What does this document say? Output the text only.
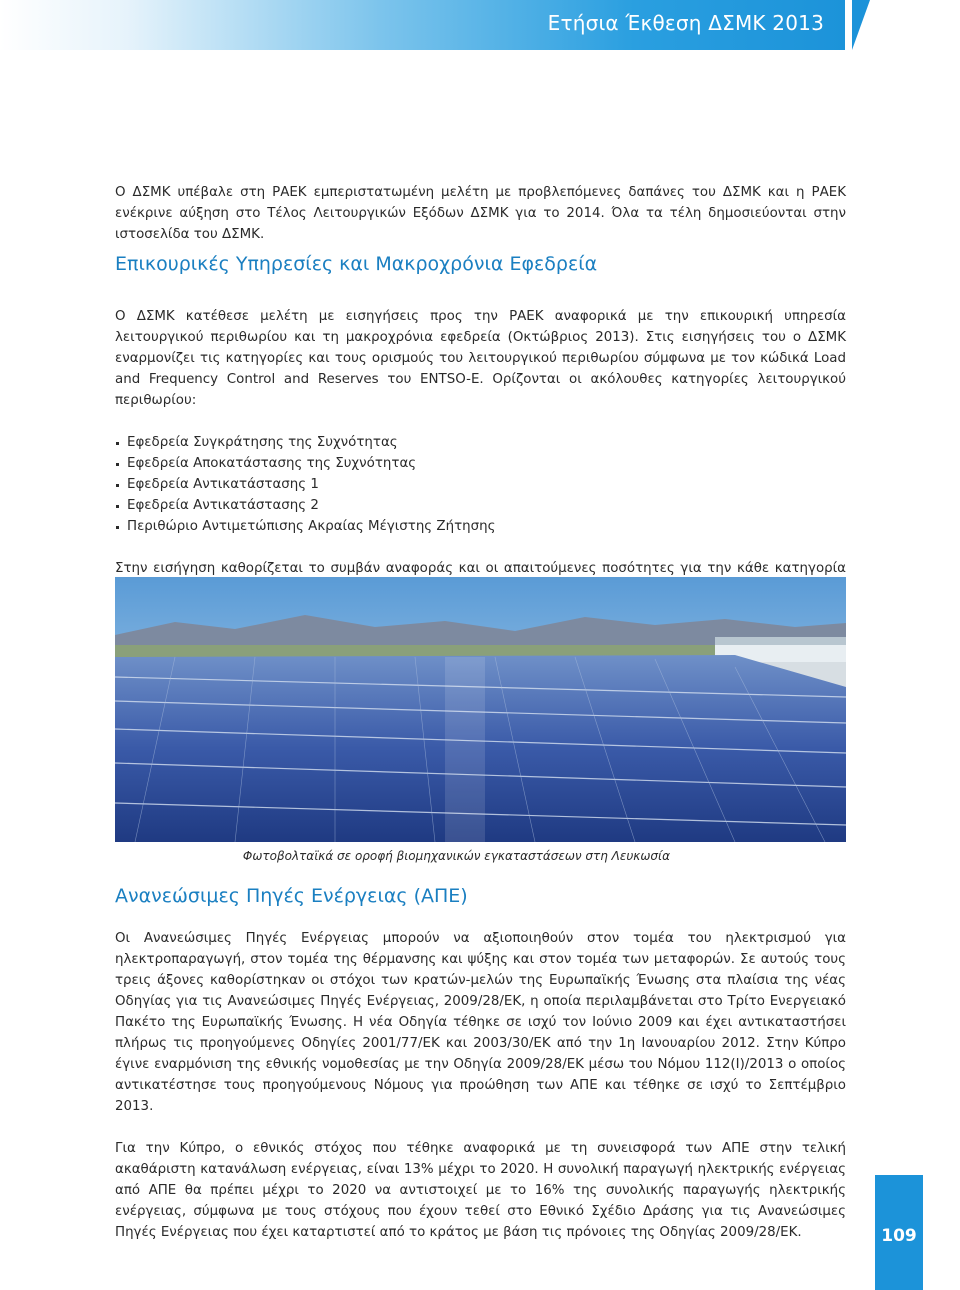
Ετήσια Έκθεση ΔΣΜΚ 2013

Ο ΔΣΜΚ υπέβαλε στη ΡΑΕΚ εμπεριστατωμένη μελέτη με προβλεπόμενες δαπάνες του ΔΣΜΚ και η ΡΑΕΚ ενέκρινε αύξηση στο Τέλος Λειτουργικών Εξόδων ΔΣΜΚ για το 2014. Όλα τα τέλη δημοσιεύονται στην ιστοσελίδα του ΔΣΜΚ.

Επικουρικές Υπηρεσίες και Μακροχρόνια Εφεδρεία

Ο ΔΣΜΚ κατέθεσε μελέτη με εισηγήσεις προς την ΡΑΕΚ αναφορικά με την επικουρική υπηρεσία λειτουργικού περιθωρίου και τη μακροχρόνια εφεδρεία (Οκτώβριος 2013). Στις εισηγήσεις του ο ΔΣΜΚ εναρμονίζει τις κατηγορίες και τους ορισμούς του λειτουργικού περιθωρίου σύμφωνα με τον κώδικά Load and Frequency Control and Reserves του ENTSO-E. Ορίζονται οι ακόλουθες κατηγορίες λειτουργικού περιθωρίου:

Εφεδρεία Συγκράτησης της Συχνότητας
Εφεδρεία Αποκατάστασης της Συχνότητας
Εφεδρεία Αντικατάστασης 1
Εφεδρεία Αντικατάστασης 2
Περιθώριο Αντιμετώπισης Ακραίας Μέγιστης Ζήτησης

Στην εισήγηση καθορίζεται το συμβάν αναφοράς και οι απαιτούμενες ποσότητες για την κάθε κατηγορία

Φωτοβολταϊκά σε οροφή βιομηχανικών εγκαταστάσεων στη Λευκωσία
Ανανεώσιμες Πηγές Ενέργειας (ΑΠΕ)

Οι Ανανεώσιμες Πηγές Ενέργειας μπορούν να αξιοποιηθούν στον τομέα του ηλεκτρισμού για ηλεκτροπαραγωγή, στον τομέα της θέρμανσης και ψύξης και στον τομέα των μεταφορών. Σε αυτούς τους τρεις άξονες καθορίστηκαν οι στόχοι των κρατών-μελών της Ευρωπαϊκής Ένωσης στα πλαίσια της νέας Οδηγίας για τις Ανανεώσιμες Πηγές Ενέργειας, 2009/28/ΕΚ, η οποία περιλαμβάνεται στο Τρίτο Ενεργειακό Πακέτο της Ευρωπαϊκής Ένωσης. Η νέα Οδηγία τέθηκε σε ισχύ τον Ιούνιο 2009 και έχει αντικαταστήσει πλήρως τις προηγούμενες Οδηγίες 2001/77/ΕΚ και 2003/30/ΕΚ από την 1η Ιανουαρίου 2012. Στην Κύπρο έγινε εναρμόνιση της εθνικής νομοθεσίας με την Οδηγία 2009/28/ΕΚ μέσω του Νόμου 112(Ι)/2013 ο οποίος αντικατέστησε τους προηγούμενους Νόμους για προώθηση των ΑΠΕ και τέθηκε σε ισχύ το Σεπτέμβριο 2013.

Για την Κύπρο, ο εθνικός στόχος που τέθηκε αναφορικά με τη συνεισφορά των ΑΠΕ στην τελική ακαθάριστη κατανάλωση ενέργειας, είναι 13% μέχρι το 2020. Η συνολική παραγωγή ηλεκτρικής ενέργειας από ΑΠΕ θα πρέπει μέχρι το 2020 να αντιστοιχεί με το 16% της συνολικής παραγωγής ηλεκτρικής ενέργειας, σύμφωνα με τους στόχους που έχουν τεθεί στο Εθνικό Σχέδιο Δράσης για τις Ανανεώσιμες Πηγές Ενέργειας που έχει καταρτιστεί από το κράτος με βάση τις πρόνοιες της Οδηγίας 2009/28/ΕΚ.	109
